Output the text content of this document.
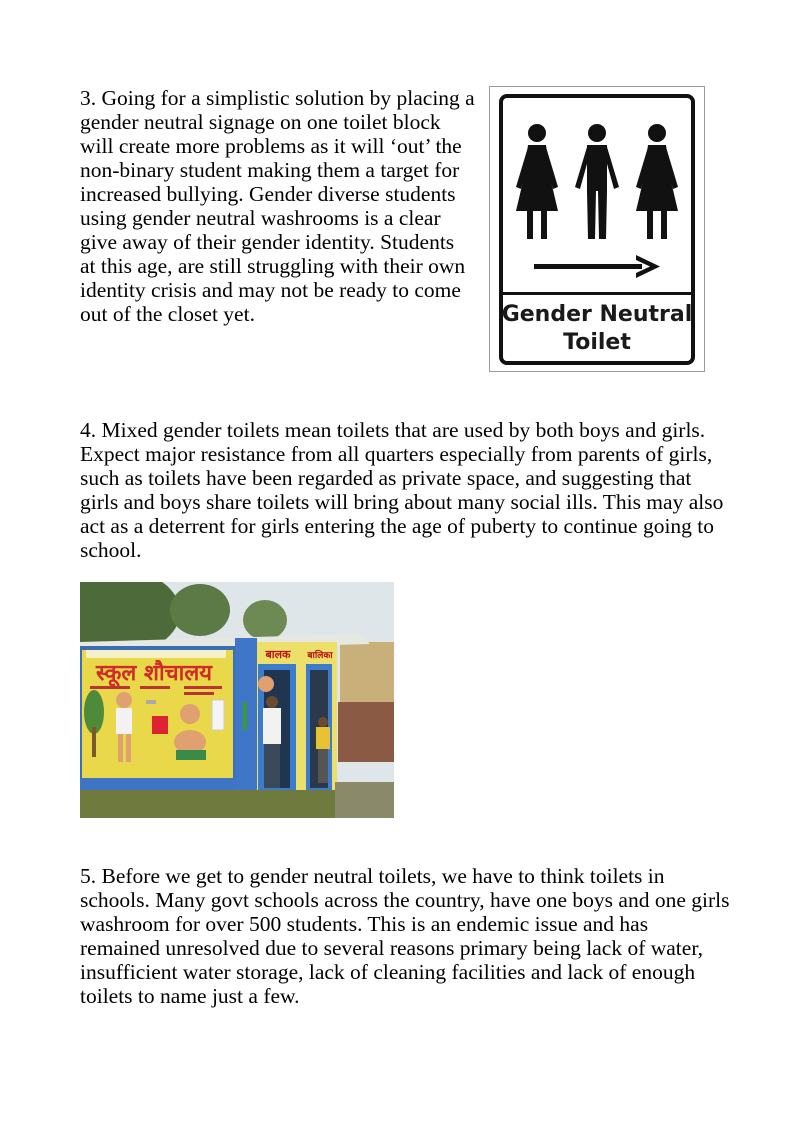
3. Going for a simplistic solution by placing a gender neutral signage on one toilet block will create more problems as it will ‘out’ the non-binary student making them a target for increased bullying. Gender diverse students using gender neutral washrooms is a clear give away of their gender identity. Students at this age, are still struggling with their own identity crisis and may not be ready to come out of the closet yet.	Gender Neutral
Toilet

4. Mixed gender toilets mean toilets that are used by both boys and girls. Expect major resistance from all quarters especially from parents of girls, such as toilets have been regarded as private space, and suggesting that girls and boys share toilets will bring about many social ills. This may also act as a deterrent for girls entering the age of puberty to continue going to school.

स्कूल शौचालय
बालक बालिका

5. Before we get to gender neutral toilets, we have to think toilets in schools. Many govt schools across the country, have one boys and one girls washroom for over 500 students. This is an endemic issue and has remained unresolved due to several reasons primary being lack of water, insufficient water storage, lack of cleaning facilities and lack of enough toilets to name just a few.
